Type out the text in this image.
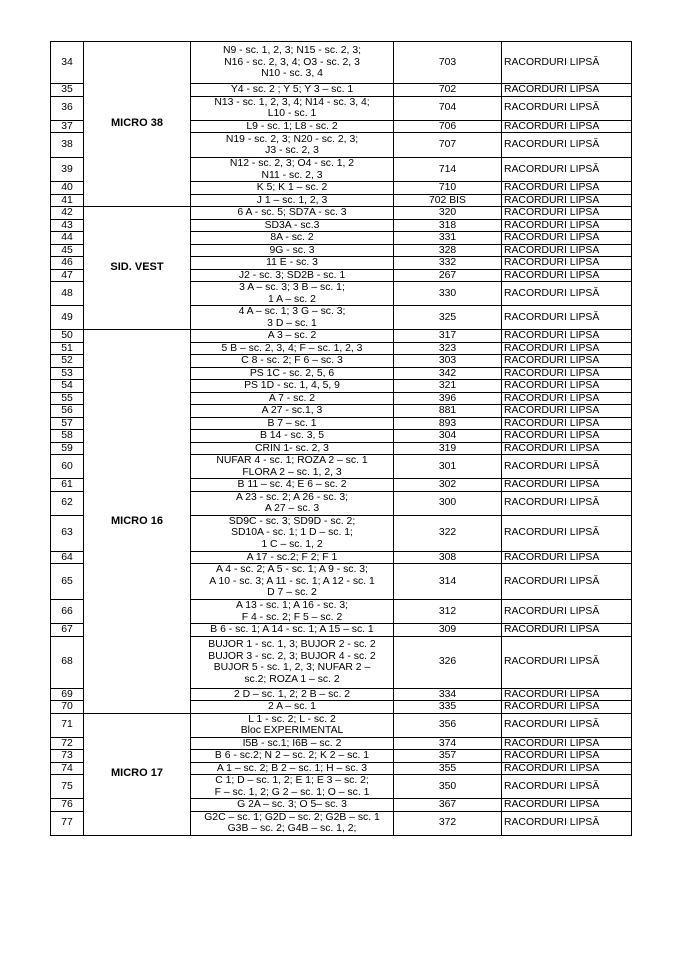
34	MICRO 38	N9 - sc. 1, 2, 3; N15 - sc. 2, 3;
N16 - sc. 2, 3, 4; O3 - sc. 2, 3
N10 - sc. 3, 4	703	RACORDURI LIPSĂ
35		Y4 - sc. 2 ; Y 5; Y 3 – sc. 1	702	RACORDURI LIPSĂ
36		N13 - sc. 1, 2, 3, 4; N14 - sc. 3, 4;
L10 - sc. 1	704	RACORDURI LIPSĂ
37		L9 - sc. 1; L8 - sc. 2	706	RACORDURI LIPSĂ
38		N19 - sc. 2, 3; N20 - sc. 2, 3;
J3 - sc. 2, 3	707	RACORDURI LIPSĂ
39		N12 - sc. 2, 3; O4 - sc. 1, 2
N11 - sc. 2, 3	714	RACORDURI LIPSĂ
40		K 5; K 1 – sc. 2	710	RACORDURI LIPSĂ
41		J 1 – sc. 1, 2, 3	702 BIS	RACORDURI LIPSĂ
42	SID. VEST	6 A - sc. 5; SD7A - sc. 3	320	RACORDURI LIPSĂ
43		SD3A - sc.3	318	RACORDURI LIPSĂ
44		8A - sc. 2	331	RACORDURI LIPSĂ
45		9G - sc. 3	328	RACORDURI LIPSĂ
46		11 E - sc. 3	332	RACORDURI LIPSĂ
47		J2 - sc. 3; SD2B - sc. 1	267	RACORDURI LIPSĂ
48		3 A – sc. 3; 3 B – sc. 1;
1 A – sc. 2	330	RACORDURI LIPSĂ
49		4 A – sc. 1; 3 G – sc. 3;
3 D – sc. 1	325	RACORDURI LIPSĂ
50	MICRO 16	A 3 – sc. 2	317	RACORDURI LIPSĂ
51		5 B – sc. 2, 3, 4; F – sc. 1, 2, 3	323	RACORDURI LIPSĂ
52		C 8 - sc. 2; F 6 – sc. 3	303	RACORDURI LIPSĂ
53		PS 1C - sc. 2, 5, 6	342	RACORDURI LIPSĂ
54		PS 1D - sc. 1, 4, 5, 9	321	RACORDURI LIPSĂ
55		A 7 - sc. 2	396	RACORDURI LIPSĂ
56		A 27 - sc.1, 3	881	RACORDURI LIPSĂ
57		B 7 – sc. 1	893	RACORDURI LIPSĂ
58		B 14 - sc. 3, 5	304	RACORDURI LIPSĂ
59		CRIN 1- sc. 2, 3	319	RACORDURI LIPSĂ
60		NUFAR 4 - sc. 1; ROZA 2 – sc. 1
FLORA 2 – sc. 1, 2, 3	301	RACORDURI LIPSĂ
61		B 11 – sc. 4; E 6 – sc. 2	302	RACORDURI LIPSĂ
62		A 23 - sc. 2; A 26 - sc. 3;
A 27 – sc. 3	300	RACORDURI LIPSĂ
63		SD9C - sc. 3; SD9D - sc. 2;
SD10A - sc. 1; 1 D – sc. 1;
1 C – sc. 1, 2	322	RACORDURI LIPSĂ
64		A 17 - sc.2; F 2; F 1	308	RACORDURI LIPSĂ
65		A 4 - sc. 2; A 5 - sc. 1; A 9 - sc. 3;
A 10 - sc. 3; A 11 - sc. 1; A 12 - sc. 1
D 7 – sc. 2	314	RACORDURI LIPSĂ
66		A 13 - sc. 1; A 16 - sc. 3;
F 4 - sc. 2; F 5 – sc. 2	312	RACORDURI LIPSĂ
67		B 6 - sc. 1; A 14 - sc. 1; A 15 – sc. 1	309	RACORDURI LIPSĂ
68		BUJOR 1 - sc. 1, 3; BUJOR 2 - sc. 2
BUJOR 3 - sc. 2, 3; BUJOR 4 - sc. 2
BUJOR 5 - sc. 1, 2, 3; NUFAR 2 –
sc.2; ROZA 1 – sc. 2	326	RACORDURI LIPSĂ
69		2 D – sc. 1, 2; 2 B – sc. 2	334	RACORDURI LIPSĂ
70		2 A – sc. 1	335	RACORDURI LIPSĂ
71	MICRO 17	L 1 - sc. 2; L - sc. 2
Bloc EXPERIMENTAL	356	RACORDURI LIPSĂ
72		I5B - sc.1; I6B – sc. 2	374	RACORDURI LIPSĂ
73		B 6 - sc.2; N 2 – sc. 2; K 2 – sc. 1	357	RACORDURI LIPSĂ
74		A 1 – sc. 2; B 2 – sc. 1; H – sc. 3	355	RACORDURI LIPSĂ
75		C 1; D – sc. 1, 2; E 1; E 3 – sc. 2;
F – sc. 1, 2; G 2 – sc. 1; O – sc. 1	350	RACORDURI LIPSĂ
76		G 2A – sc. 3; O 5– sc. 3	367	RACORDURI LIPSĂ
77		G2C – sc. 1; G2D – sc. 2; G2B – sc. 1
G3B – sc. 2; G4B – sc. 1, 2;	372	RACORDURI LIPSĂ
